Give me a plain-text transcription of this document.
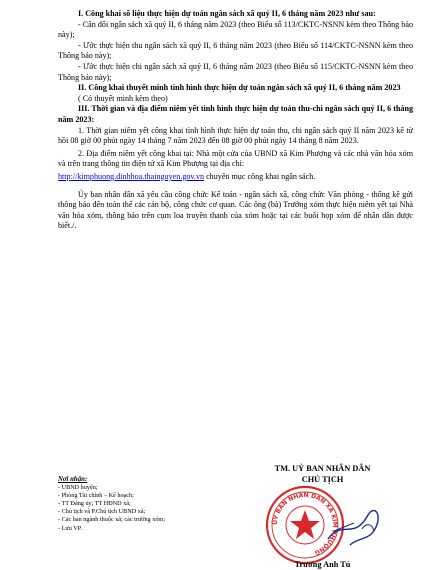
I. Công khai số liệu thực hiện dự toán ngân sách xã quý II, 6 tháng năm 2023 như sau:

- Cân đối ngân sách xã quý II, 6 tháng năm 2023 (theo Biểu số 113/CKTC-NSNN kèm theo Thông báo này);

- Ước thực hiện thu ngân sách xã quý II, 6 tháng năm 2023 (theo Biểu số 114/CKTC-NSNN kèm theo Thông báo này);

- Ước thực hiện chi ngân sách xã quý II, 6 tháng năm 2023 (theo Biểu số 115/CKTC-NSNN kèm theo Thông báo này);

II. Công khai thuyết minh tình hình thực hiện dự toán ngân sách xã quý II, 6 tháng năm 2023

( Có thuyết minh kèm theo)

III. Thời gian và địa điểm niêm yết tình hình thực hiện dự toán thu-chi ngân sách quý II, 6 tháng năm 2023:

1. Thời gian niêm yết công khai tình hình thực hiện dự toán thu, chi ngân sách quý II năm 2023 kể từ hồi 08 giờ 00 phút ngày 14 tháng 7 năm 2023 đến 08 giờ 00 phút ngày 14 tháng 8 năm 2023.

2. Địa điểm niêm yết công khai tại: Nhà một cửa của UBND xã Kim Phượng và các nhà văn hóa xóm và trên trang thông tin điện tử xã Kim Phượng tại địa chỉ:

http://kimphuong.dinhhoa.thainguyen.gov.vn chuyên mục công khai ngân sách.

Ủy ban nhân dân xã yêu cầu công chức Kế toán - ngân sách xã, công chức Văn phòng - thống kê gửi thông báo đến toàn thể các cán bộ, công chức cơ quan. Các ông (bà) Trưởng xóm thực hiện niêm yết tại Nhà văn hóa xóm, thông báo trên cụm loa truyền thanh của xóm hoặc tại các buổi họp xóm để nhân dân được biết./.

Nơi nhận:
- UBND huyện;
- Phòng Tài chính – Kế hoạch;
- TT Đảng ủy; TT HĐND xã;
- Chủ tịch và P.Chủ tịch UBND xã;
- Các ban ngành thuộc xã; các trưởng xóm;
- Lưu VP.
TM. UỶ BAN NHÂN DÂN
CHỦ TỊCH
ỦY BAN NHÂN DÂN XÃ KIM PHƯỢNG
Trương Anh Tú
